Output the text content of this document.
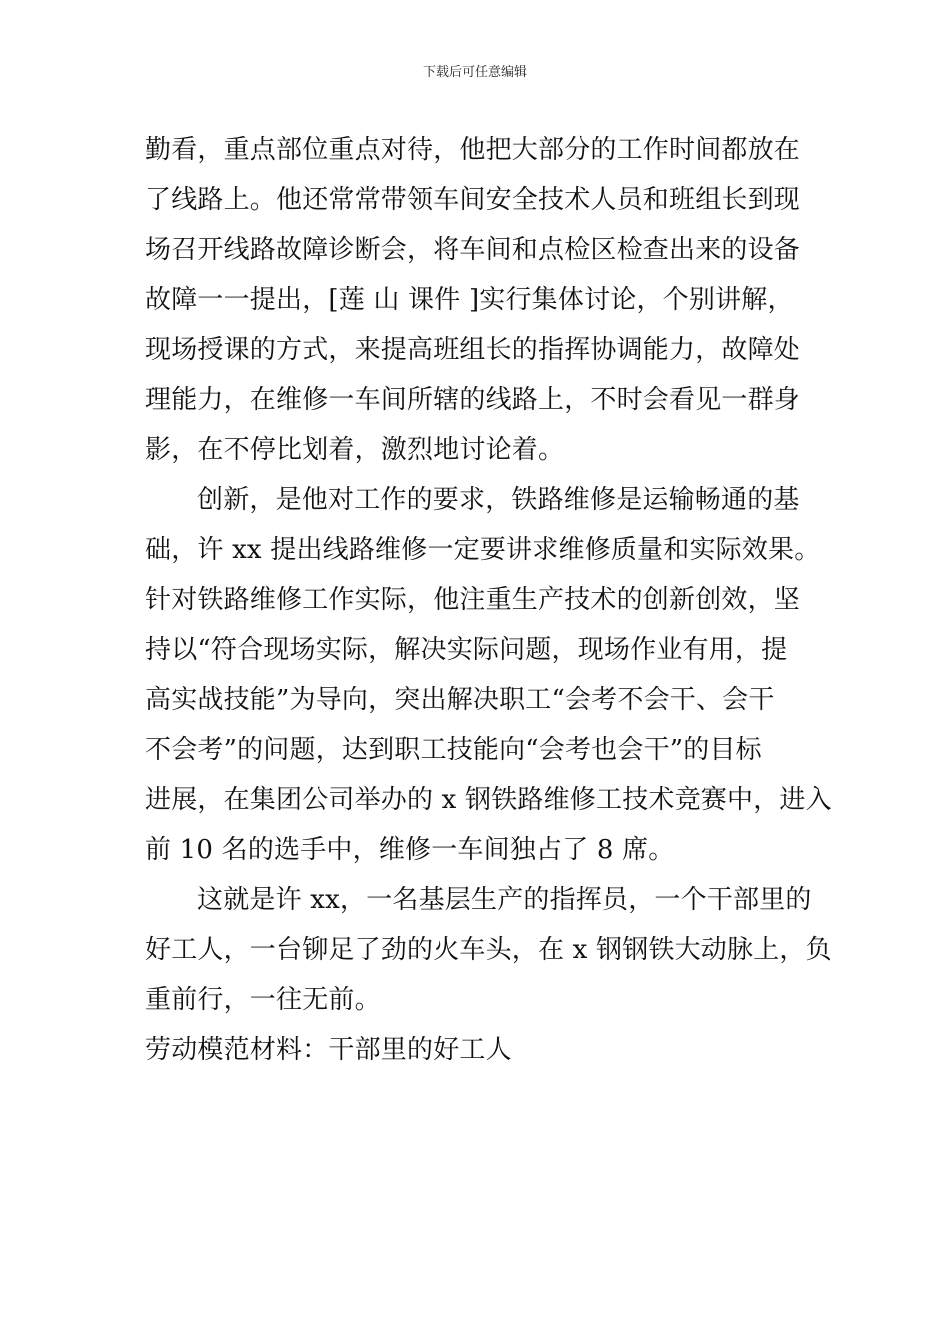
下载后可任意编辑
勤看，重点部位重点对待，他把大部分的工作时间都放在
了线路上。他还常常带领车间安全技术人员和班组长到现
场召开线路故障诊断会，将车间和点检区检查出来的设备
故障一一提出，[莲 山 课件 ]实行集体讨论，个别讲解，
现场授课的方式，来提高班组长的指挥协调能力，故障处
理能力，在维修一车间所辖的线路上，不时会看见一群身
影，在不停比划着，激烈地讨论着。
创新，是他对工作的要求，铁路维修是运输畅通的基
础，许 xx 提出线路维修一定要讲求维修质量和实际效果。
针对铁路维修工作实际，他注重生产技术的创新创效，坚
持以“符合现场实际，解决实际问题，现场作业有用，提
高实战技能”为导向，突出解决职工“会考不会干、会干
不会考”的问题，达到职工技能向“会考也会干”的目标
进展，在集团公司举办的 x 钢铁路维修工技术竞赛中，进入
前 10 名的选手中，维修一车间独占了 8 席。
这就是许 xx，一名基层生产的指挥员，一个干部里的
好工人，一台铆足了劲的火车头，在 x 钢钢铁大动脉上，负
重前行，一往无前。
劳动模范材料：干部里的好工人
